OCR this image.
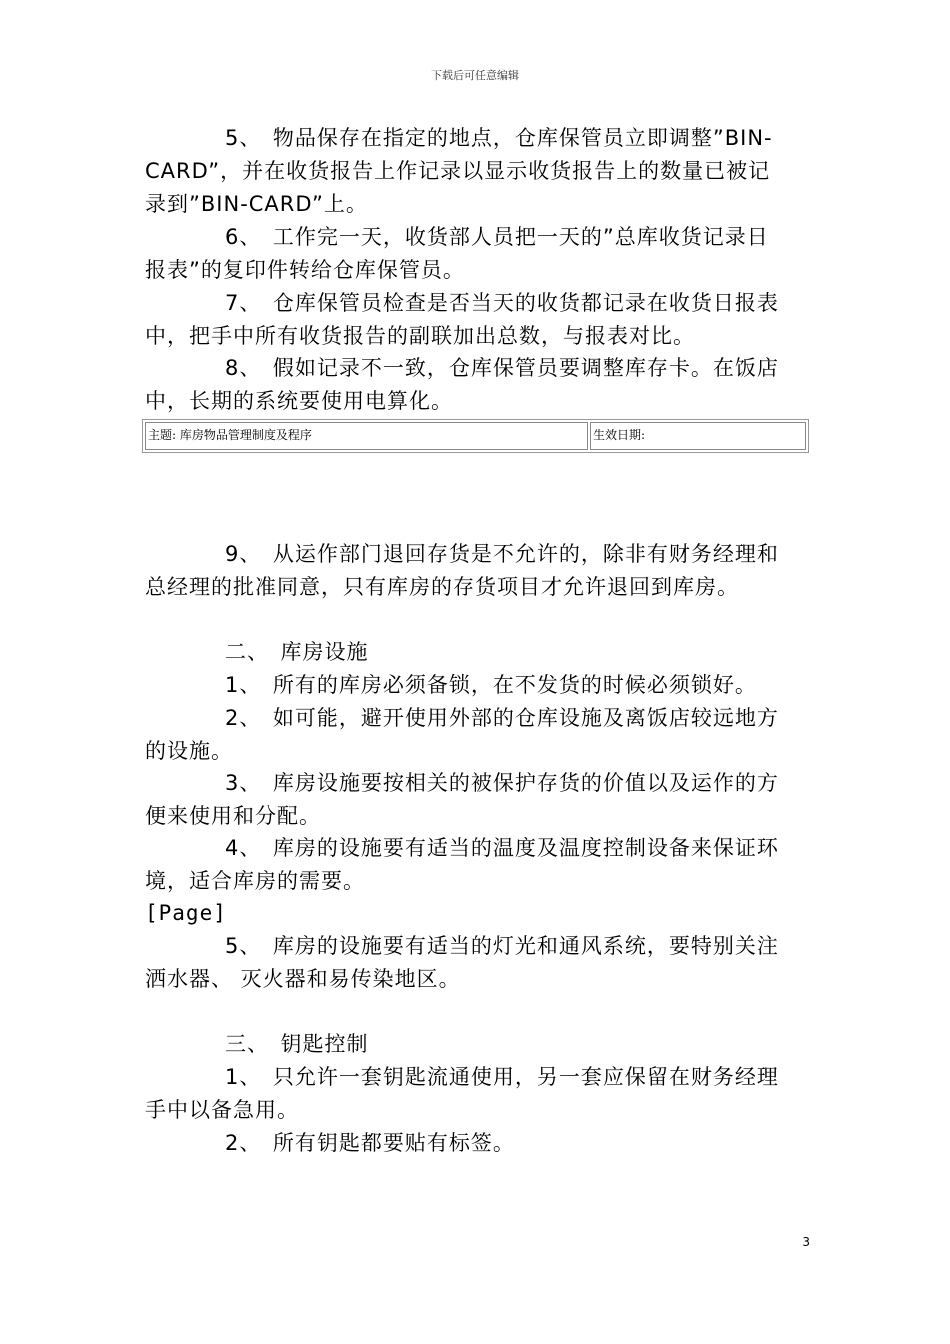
下载后可任意编辑
5、　物品保存在指定的地点，仓库保管员立即调整”BIN-
CARD”，并在收货报告上作记录以显示收货报告上的数量已被记
录到”BIN-CARD”上。
6、　工作完一天，收货部人员把一天的”总库收货记录日
报表”的复印件转给仓库保管员。
7、　仓库保管员检查是否当天的收货都记录在收货日报表
中，把手中所有收货报告的副联加出总数，与报表对比。
8、　假如记录不一致，仓库保管员要调整库存卡。在饭店
中，长期的系统要使用电算化。
主题: 库房物品管理制度及程序	生效日期:
9、　从运作部门退回存货是不允许的，除非有财务经理和
总经理的批准同意，只有库房的存货项目才允许退回到库房。
二、　库房设施
1、　所有的库房必须备锁，在不发货的时候必须锁好。
2、　如可能，避开使用外部的仓库设施及离饭店较远地方
的设施。
3、　库房设施要按相关的被保护存货的价值以及运作的方
便来使用和分配。
4、　库房的设施要有适当的温度及温度控制设备来保证环
境，适合库房的需要。
[Page]
5、　库房的设施要有适当的灯光和通风系统，要特别关注
洒水器、 灭火器和易传染地区。
三、　钥匙控制
1、　只允许一套钥匙流通使用，另一套应保留在财务经理
手中以备急用。
2、　所有钥匙都要贴有标签。
3
